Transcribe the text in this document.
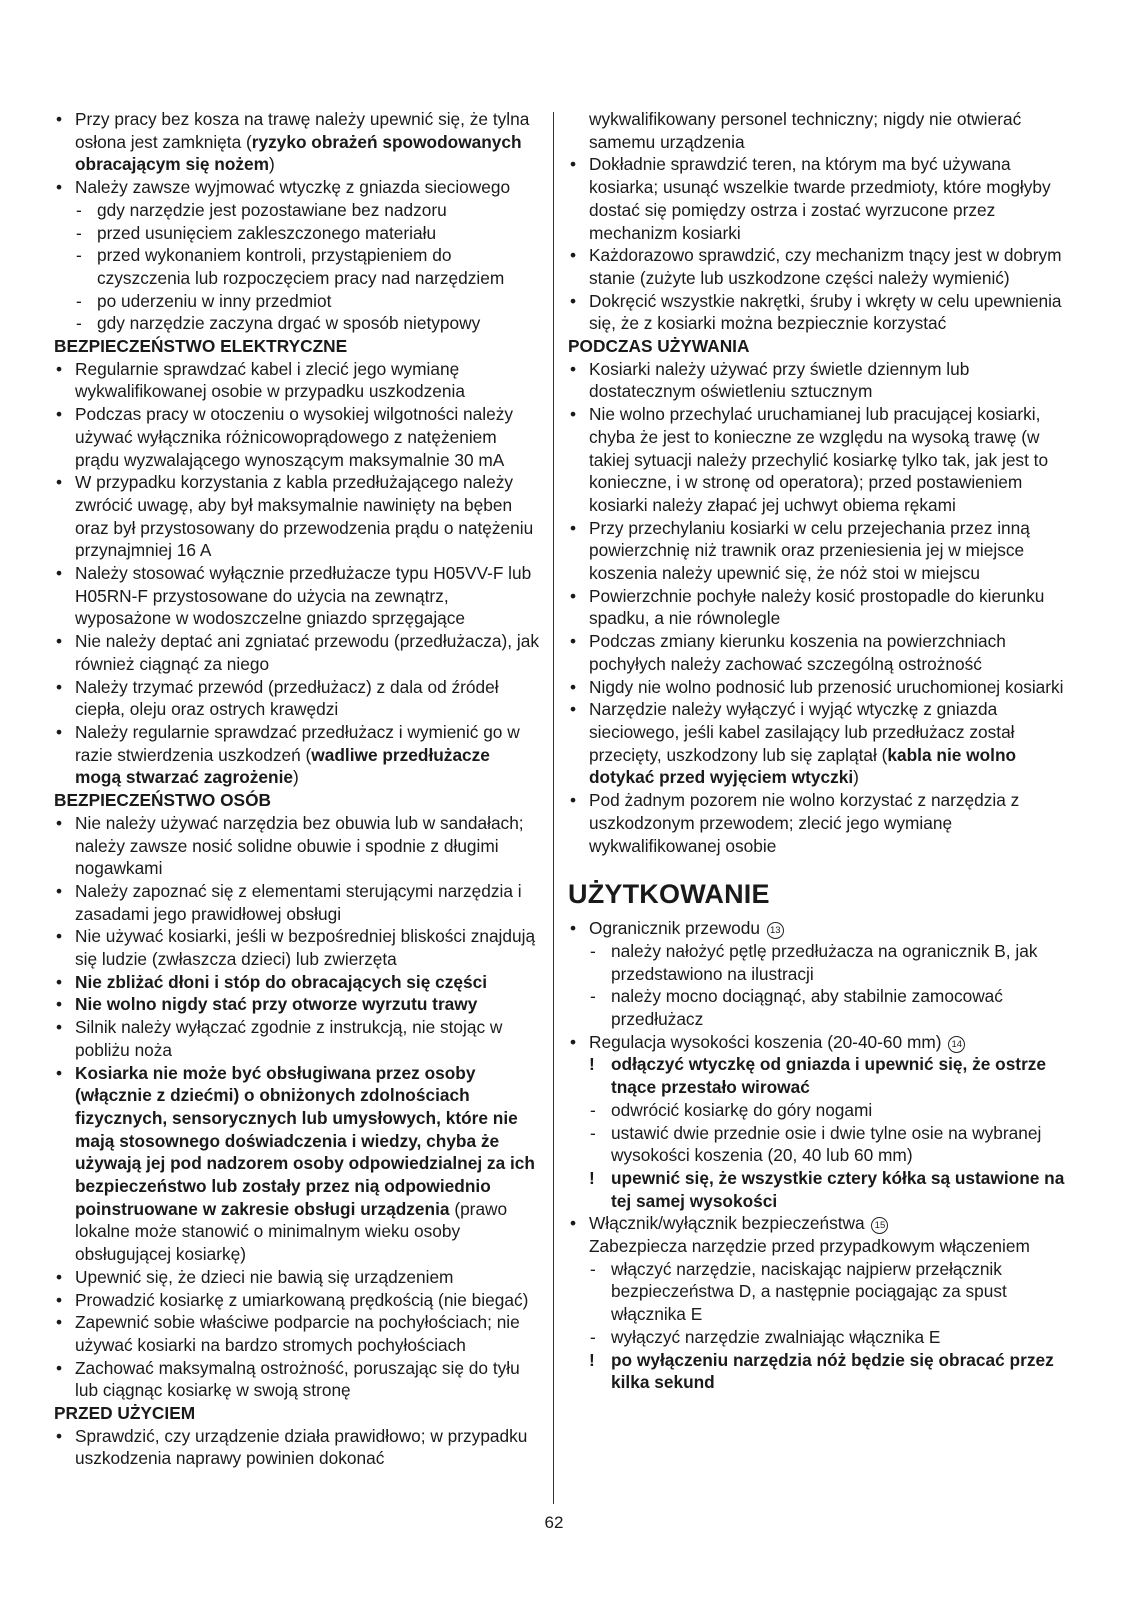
• Przy pracy bez kosza na trawę należy upewnić się, że tylna osłona jest zamknięta (ryzyko obrażeń spowodowanych obracającym się nożem)
• Należy zawsze wyjmować wtyczkę z gniazda sieciowego
- gdy narzędzie jest pozostawiane bez nadzoru
- przed usunięciem zakleszczonego materiału
- przed wykonaniem kontroli, przystąpieniem do czyszczenia lub rozpoczęciem pracy nad narzędziem
- po uderzeniu w inny przedmiot
- gdy narzędzie zaczyna drgać w sposób nietypowy
BEZPIECZEŃSTWO ELEKTRYCZNE
• Regularnie sprawdzać kabel i zlecić jego wymianę wykwalifikowanej osobie w przypadku uszkodzenia
• Podczas pracy w otoczeniu o wysokiej wilgotności należy używać wyłącznika różnicowoprądowego z natężeniem prądu wyzwalającego wynoszącym maksymalnie 30 mA
• W przypadku korzystania z kabla przedłużającego należy zwrócić uwagę, aby był maksymalnie nawinięty na bęben oraz był przystosowany do przewodzenia prądu o natężeniu przynajmniej 16 A
• Należy stosować wyłącznie przedłużacze typu H05VV-F lub H05RN-F przystosowane do użycia na zewnątrz, wyposażone w wodoszczelne gniazdo sprzęgające
• Nie należy deptać ani zgniatać przewodu (przedłużacza), jak również ciągnąć za niego
• Należy trzymać przewód (przedłużacz) z dala od źródeł ciepła, oleju oraz ostrych krawędzi
• Należy regularnie sprawdzać przedłużacz i wymienić go w razie stwierdzenia uszkodzeń (wadliwe przedłużacze mogą stwarzać zagrożenie)
BEZPIECZEŃSTWO OSÓB
• Nie należy używać narzędzia bez obuwia lub w sandałach; należy zawsze nosić solidne obuwie i spodnie z długimi nogawkami
• Należy zapoznać się z elementami sterującymi narzędzia i zasadami jego prawidłowej obsługi
• Nie używać kosiarki, jeśli w bezpośredniej bliskości znajdują się ludzie (zwłaszcza dzieci) lub zwierzęta
• Nie zbliżać dłoni i stóp do obracających się części
• Nie wolno nigdy stać przy otworze wyrzutu trawy
• Silnik należy wyłączać zgodnie z instrukcją, nie stojąc w pobliżu noża
• Kosiarka nie może być obsługiwana przez osoby (włącznie z dziećmi) o obniżonych zdolnościach fizycznych, sensorycznych lub umysłowych, które nie mają stosownego doświadczenia i wiedzy, chyba że używają jej pod nadzorem osoby odpowiedzialnej za ich bezpieczeństwo lub zostały przez nią odpowiednio poinstruowane w zakresie obsługi urządzenia (prawo lokalne może stanowić o minimalnym wieku osoby obsługującej kosiarkę)
• Upewnić się, że dzieci nie bawią się urządzeniem
• Prowadzić kosiarkę z umiarkowaną prędkością (nie biegać)
• Zapewnić sobie właściwe podparcie na pochyłościach; nie używać kosiarki na bardzo stromych pochyłościach
• Zachować maksymalną ostrożność, poruszając się do tyłu lub ciągnąc kosiarkę w swoją stronę
PRZED UŻYCIEM
• Sprawdzić, czy urządzenie działa prawidłowo; w przypadku uszkodzenia naprawy powinien dokonać
wykwalifikowany personel techniczny; nigdy nie otwierać samemu urządzenia
• Dokładnie sprawdzić teren, na którym ma być używana kosiarka; usunąć wszelkie twarde przedmioty, które mogłyby dostać się pomiędzy ostrza i zostać wyrzucone przez mechanizm kosiarki
• Każdorazowo sprawdzić, czy mechanizm tnący jest w dobrym stanie (zużyte lub uszkodzone części należy wymienić)
• Dokręcić wszystkie nakrętki, śruby i wkręty w celu upewnienia się, że z kosiarki można bezpiecznie korzystać
PODCZAS UŻYWANIA
• Kosiarki należy używać przy świetle dziennym lub dostatecznym oświetleniu sztucznym
• Nie wolno przechylać uruchamianej lub pracującej kosiarki, chyba że jest to konieczne ze względu na wysoką trawę (w takiej sytuacji należy przechylić kosiarkę tylko tak, jak jest to konieczne, i w stronę od operatora); przed postawieniem kosiarki należy złapać jej uchwyt obiema rękami
• Przy przechylaniu kosiarki w celu przejechania przez inną powierzchnię niż trawnik oraz przeniesienia jej w miejsce koszenia należy upewnić się, że nóż stoi w miejscu
• Powierzchnie pochyłe należy kosić prostopadle do kierunku spadku, a nie równolegle
• Podczas zmiany kierunku koszenia na powierzchniach pochyłych należy zachować szczególną ostrożność
• Nigdy nie wolno podnosić lub przenosić uruchomionej kosiarki
• Narzędzie należy wyłączyć i wyjąć wtyczkę z gniazda sieciowego, jeśli kabel zasilający lub przedłużacz został przecięty, uszkodzony lub się zaplątał (kabla nie wolno dotykać przed wyjęciem wtyczki)
• Pod żadnym pozorem nie wolno korzystać z narzędzia z uszkodzonym przewodem; zlecić jego wymianę wykwalifikowanej osobie
UŻYTKOWANIE
• Ogranicznik przewodu 13
- należy nałożyć pętlę przedłużacza na ogranicznik B, jak przedstawiono na ilustracji
- należy mocno dociągnąć, aby stabilnie zamocować przedłużacz
• Regulacja wysokości koszenia (20-40-60 mm) 14
! odłączyć wtyczkę od gniazda i upewnić się, że ostrze tnące przestało wirować
- odwrócić kosiarkę do góry nogami
- ustawić dwie przednie osie i dwie tylne osie na wybranej wysokości koszenia (20, 40 lub 60 mm)
! upewnić się, że wszystkie cztery kółka są ustawione na tej samej wysokości
• Włącznik/wyłącznik bezpieczeństwa 15
Zabezpiecza narzędzie przed przypadkowym włączeniem
- włączyć narzędzie, naciskając najpierw przełącznik bezpieczeństwa D, a następnie pociągając za spust włącznika E
- wyłączyć narzędzie zwalniając włącznika E
! po wyłączeniu narzędzia nóż będzie się obracać przez kilka sekund
62
